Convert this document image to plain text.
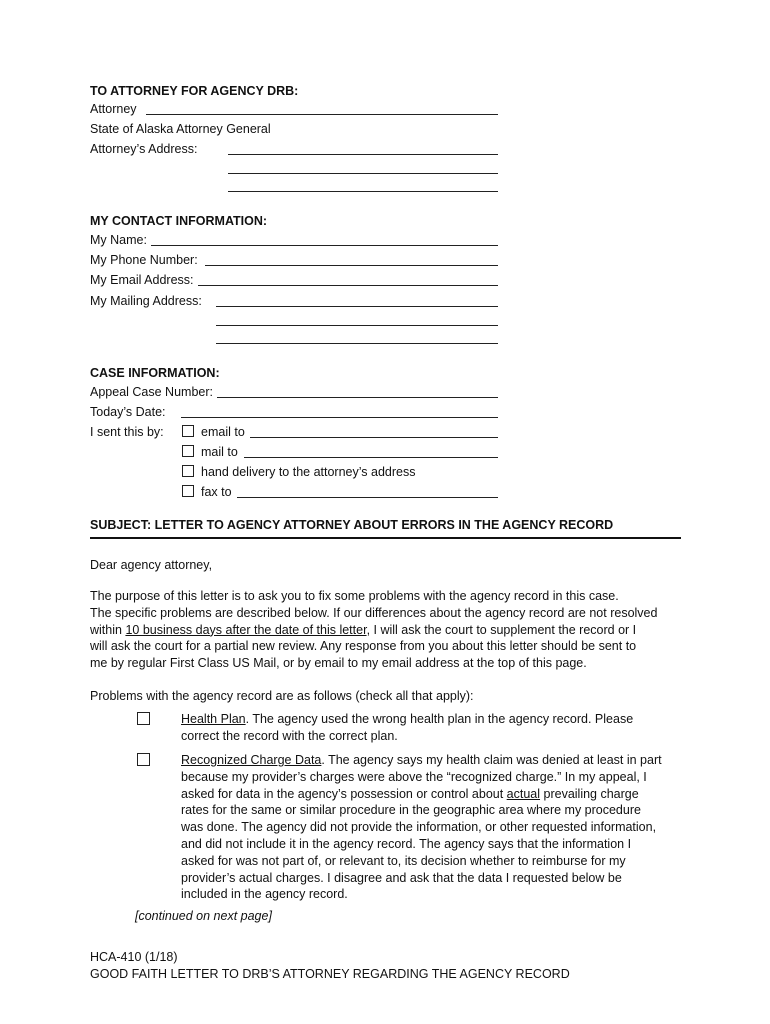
TO ATTORNEY FOR AGENCY DRB:
Attorney
State of Alaska Attorney General
Attorney’s Address:
MY CONTACT INFORMATION:
My Name:
My Phone Number:
My Email Address:
My Mailing Address:
CASE INFORMATION:
Appeal Case Number:
Today’s Date:
I sent this by:	email to
mail to
hand delivery to the attorney’s address
fax to
SUBJECT: LETTER TO AGENCY ATTORNEY ABOUT ERRORS IN THE AGENCY RECORD
Dear agency attorney,
The purpose of this letter is to ask you to fix some problems with the agency record in this case.
The specific problems are described below. If our differences about the agency record are not resolved
within 10 business days after the date of this letter, I will ask the court to supplement the record or I
will ask the court for a partial new review. Any response from you about this letter should be sent to
me by regular First Class US Mail, or by email to my email address at the top of this page.
Problems with the agency record are as follows (check all that apply):
Health Plan. The agency used the wrong health plan in the agency record. Please
correct the record with the correct plan.
Recognized Charge Data. The agency says my health claim was denied at least in part
because my provider’s charges were above the “recognized charge.” In my appeal, I
asked for data in the agency’s possession or control about actual prevailing charge
rates for the same or similar procedure in the geographic area where my procedure
was done. The agency did not provide the information, or other requested information,
and did not include it in the agency record. The agency says that the information I
asked for was not part of, or relevant to, its decision whether to reimburse for my
provider’s actual charges. I disagree and ask that the data I requested below be
included in the agency record.
[continued on next page]
HCA-410 (1/18)
GOOD FAITH LETTER TO DRB’S ATTORNEY REGARDING THE AGENCY RECORD
